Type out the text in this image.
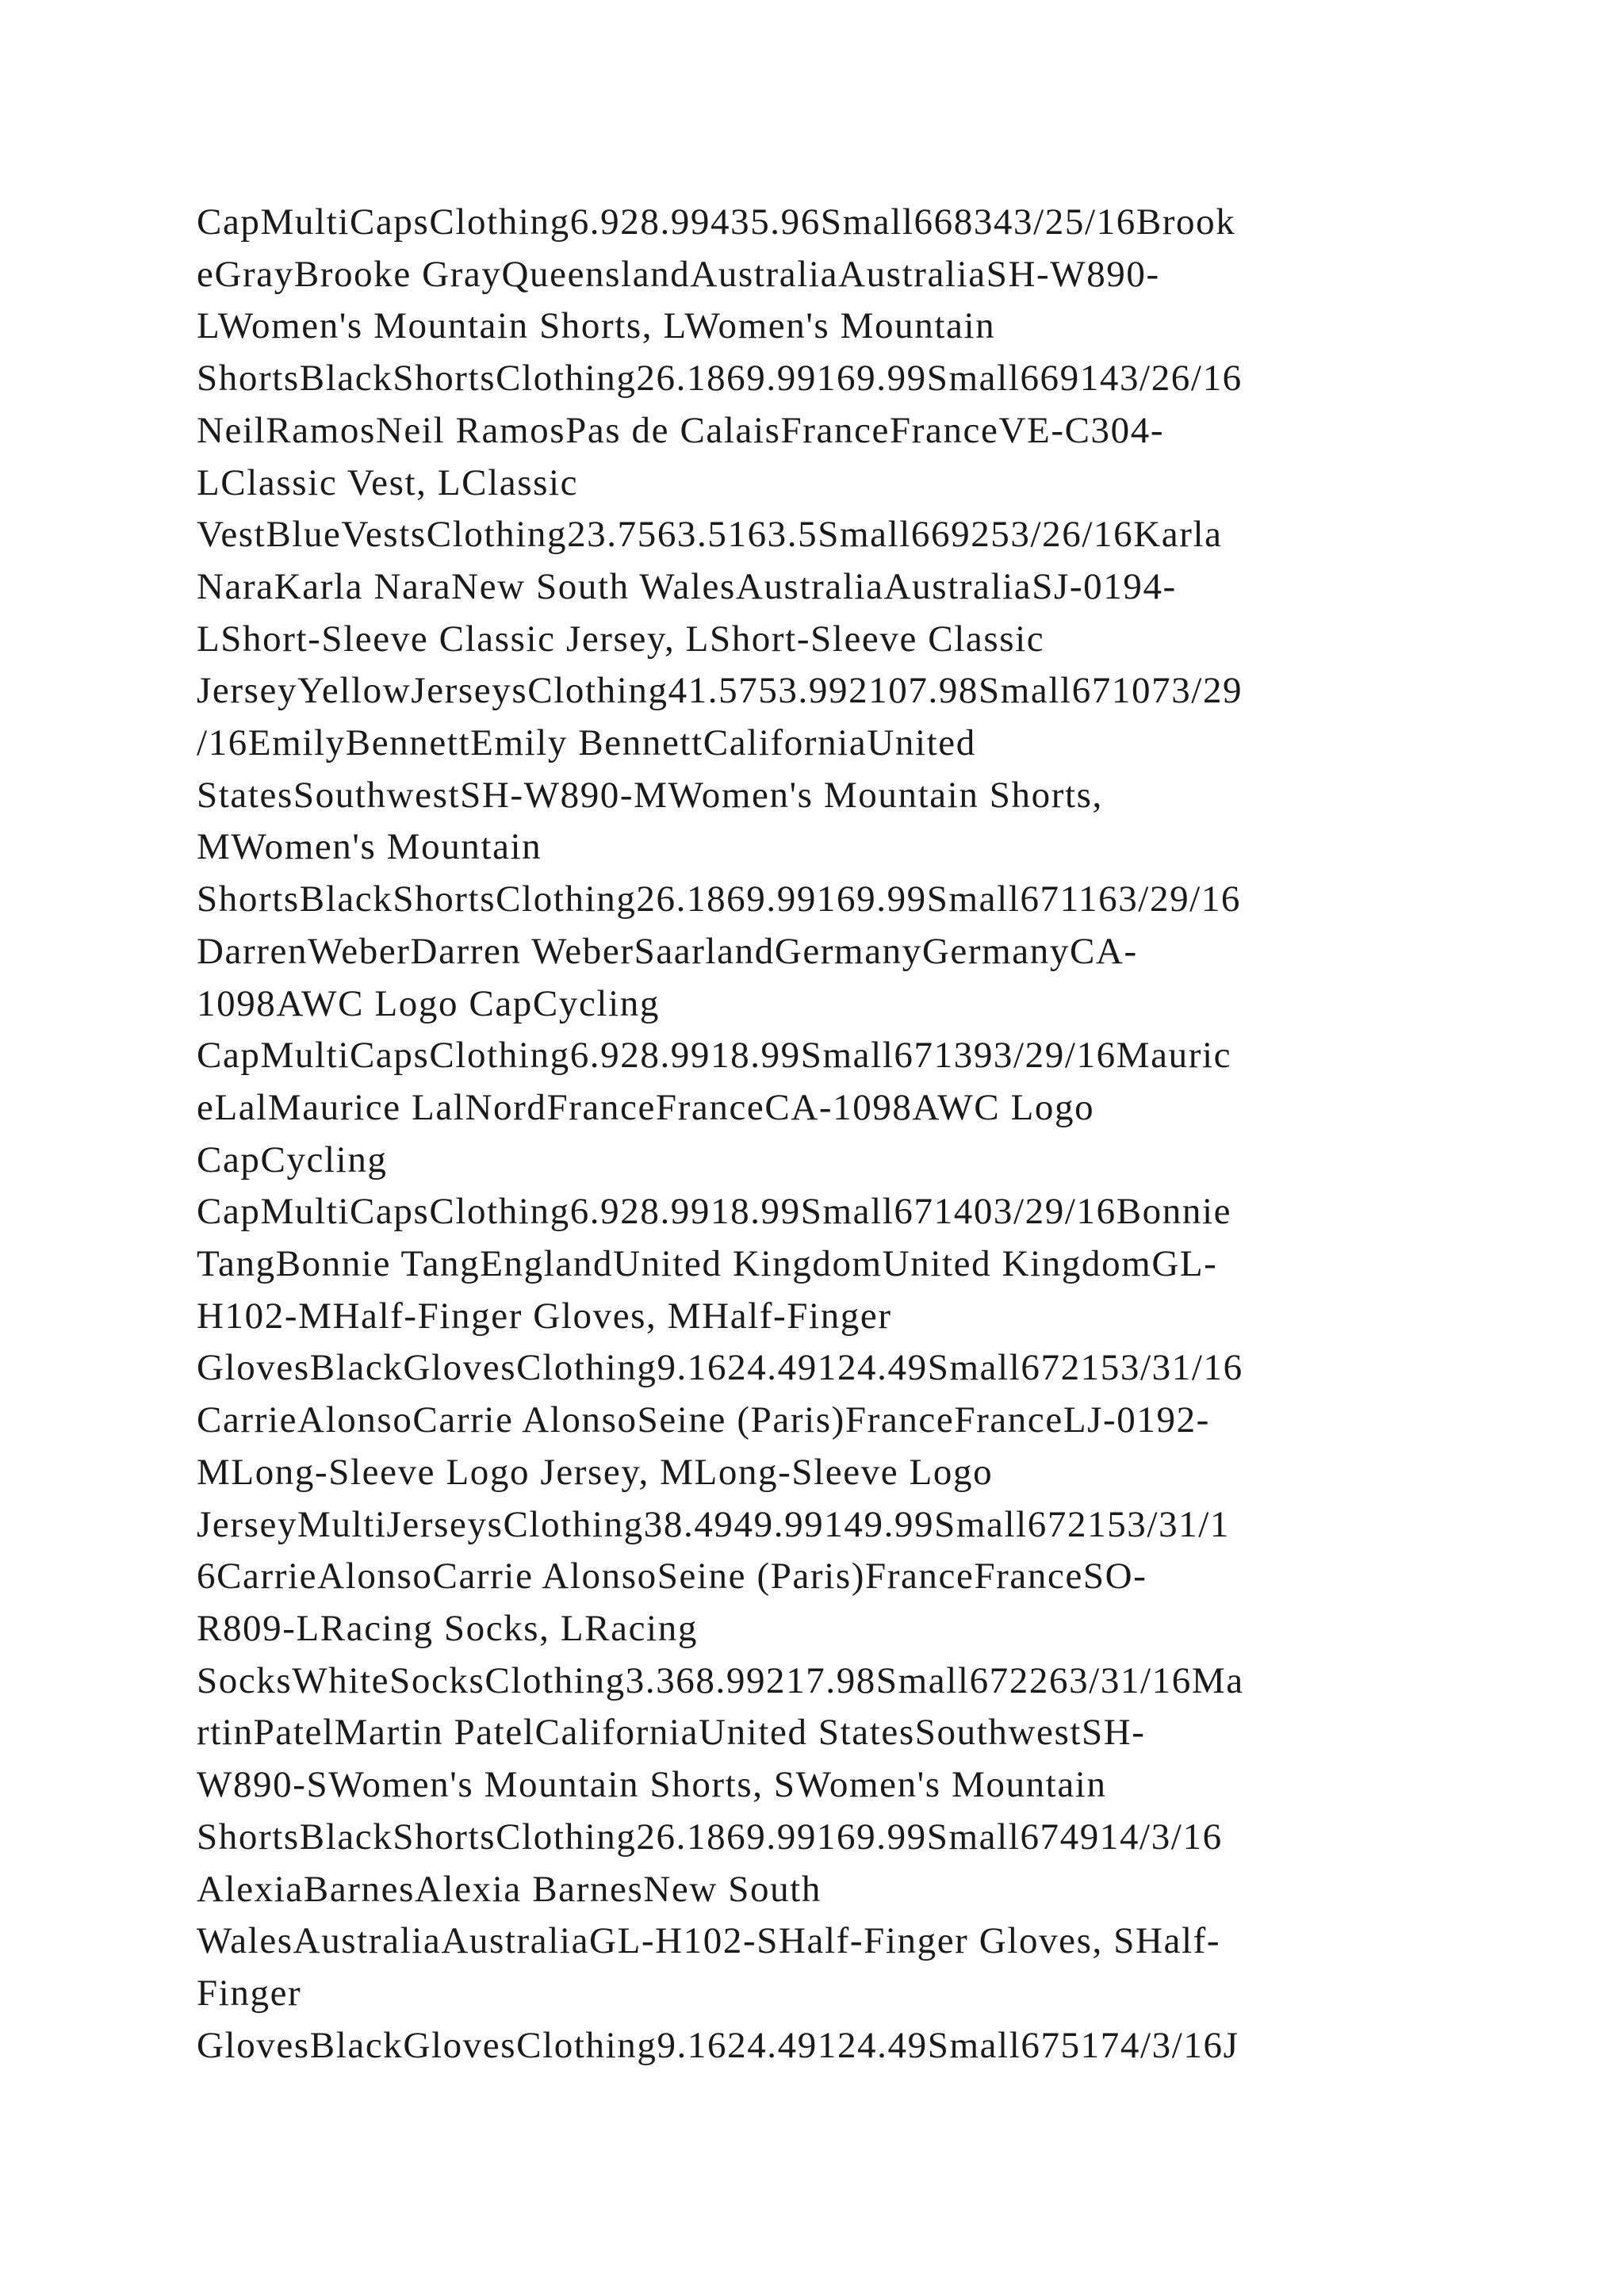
CapMultiCapsClothing6.928.99435.96Small668343/25/16Brook
eGrayBrooke GrayQueenslandAustraliaAustraliaSH-W890-
LWomen's Mountain Shorts, LWomen's Mountain
ShortsBlackShortsClothing26.1869.99169.99Small669143/26/16
NeilRamosNeil RamosPas de CalaisFranceFranceVE-C304-
LClassic Vest, LClassic
VestBlueVestsClothing23.7563.5163.5Small669253/26/16Karla
NaraKarla NaraNew South WalesAustraliaAustraliaSJ-0194-
LShort-Sleeve Classic Jersey, LShort-Sleeve Classic
JerseyYellowJerseysClothing41.5753.992107.98Small671073/29
/16EmilyBennettEmily BennettCaliforniaUnited
StatesSouthwestSH-W890-MWomen's Mountain Shorts,
MWomen's Mountain
ShortsBlackShortsClothing26.1869.99169.99Small671163/29/16
DarrenWeberDarren WeberSaarlandGermanyGermanyCA-
1098AWC Logo CapCycling
CapMultiCapsClothing6.928.9918.99Small671393/29/16Mauric
eLalMaurice LalNordFranceFranceCA-1098AWC Logo
CapCycling
CapMultiCapsClothing6.928.9918.99Small671403/29/16Bonnie
TangBonnie TangEnglandUnited KingdomUnited KingdomGL-
H102-MHalf-Finger Gloves, MHalf-Finger
GlovesBlackGlovesClothing9.1624.49124.49Small672153/31/16
CarrieAlonsoCarrie AlonsoSeine (Paris)FranceFranceLJ-0192-
MLong-Sleeve Logo Jersey, MLong-Sleeve Logo
JerseyMultiJerseysClothing38.4949.99149.99Small672153/31/1
6CarrieAlonsoCarrie AlonsoSeine (Paris)FranceFranceSO-
R809-LRacing Socks, LRacing
SocksWhiteSocksClothing3.368.99217.98Small672263/31/16Ma
rtinPatelMartin PatelCaliforniaUnited StatesSouthwestSH-
W890-SWomen's Mountain Shorts, SWomen's Mountain
ShortsBlackShortsClothing26.1869.99169.99Small674914/3/16
AlexiaBarnesAlexia BarnesNew South
WalesAustraliaAustraliaGL-H102-SHalf-Finger Gloves, SHalf-
Finger
GlovesBlackGlovesClothing9.1624.49124.49Small675174/3/16J
